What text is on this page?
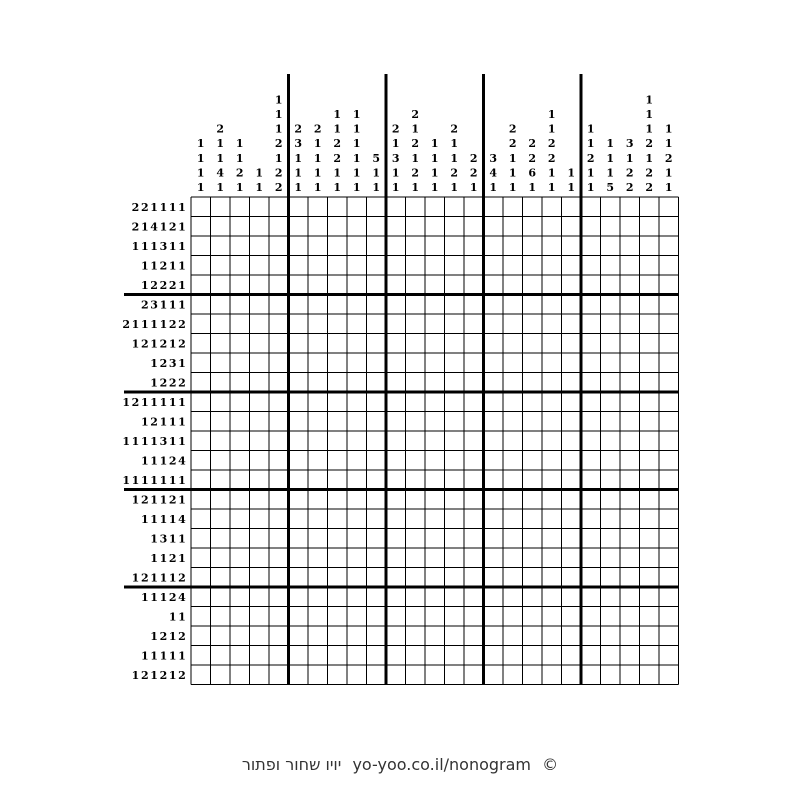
1
1
1
1
2
1
1
4
1
1
1
2
1
1
1
1
1
1
2
1
2
2
2
3
1
1
1
2
1
1
1
1
1
1
2
2
1
1
1
1
1
1
1
1
5
1
1
2
1
3
1
1
2
1
2
1
2
1
1
1
1
1
2
1
1
2
1
2
2
1
3
4
1
2
2
1
1
1
2
2
6
1
1
1
2
2
1
1
1
1
1
1
2
1
1
1
1
1
5
3
1
2
2
1
1
1
2
1
2
2
1
1
2
1
1
2 2 1 1 1 1
2 1 4 1 2 1
1 1 1 3 1 1
1 1 2 1 1
1 2 2 2 1
2 3 1 1 1
2 1 1 1 1 2 2
1 2 1 2 1 2
1 2 3 1
1 2 2 2
1 2 1 1 1 1 1
1 2 1 1 1
1 1 1 1 3 1 1
1 1 1 2 4
1 1 1 1 1 1 1
1 2 1 1 2 1
1 1 1 1 4
1 3 1 1
1 1 2 1
1 2 1 1 1 2
1 1 1 2 4
1 1
1 2 1 2
1 1 1 1 1
1 2 1 2 1 2
יויו שחור ופתור yo-yoo.co.il/nonogram ©
